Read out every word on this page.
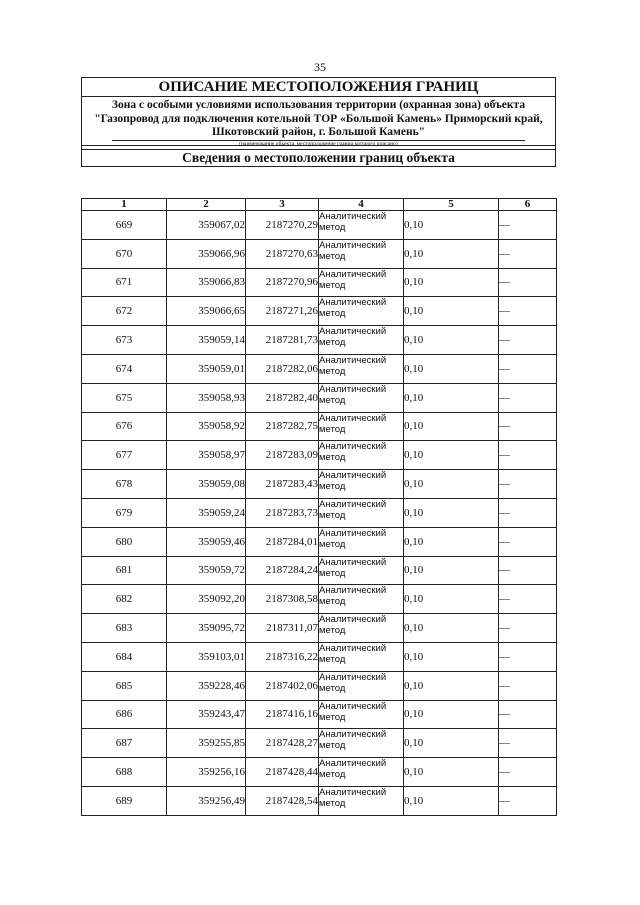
35
ОПИСАНИЕ МЕСТОПОЛОЖЕНИЯ ГРАНИЦ
Зона с особыми условиями использования территории (охранная зона) объекта "Газопровод для подключения котельной ТОР «Большой Камень» Приморский край, Шкотовский район, г. Большой Камень"
(наименование объекта, местоположение границ которого описано)
Сведения о местоположении границ объекта
1	2	3	4	5	6
669	359067,02	2187270,29	Аналитический метод	0,10	—
670	359066,96	2187270,63	Аналитический метод	0,10	—
671	359066,83	2187270,96	Аналитический метод	0,10	—
672	359066,65	2187271,26	Аналитический метод	0,10	—
673	359059,14	2187281,73	Аналитический метод	0,10	—
674	359059,01	2187282,06	Аналитический метод	0,10	—
675	359058,93	2187282,40	Аналитический метод	0,10	—
676	359058,92	2187282,75	Аналитический метод	0,10	—
677	359058,97	2187283,09	Аналитический метод	0,10	—
678	359059,08	2187283,43	Аналитический метод	0,10	—
679	359059,24	2187283,73	Аналитический метод	0,10	—
680	359059,46	2187284,01	Аналитический метод	0,10	—
681	359059,72	2187284,24	Аналитический метод	0,10	—
682	359092,20	2187308,58	Аналитический метод	0,10	—
683	359095,72	2187311,07	Аналитический метод	0,10	—
684	359103,01	2187316,22	Аналитический метод	0,10	—
685	359228,46	2187402,06	Аналитический метод	0,10	—
686	359243,47	2187416,16	Аналитический метод	0,10	—
687	359255,85	2187428,27	Аналитический метод	0,10	—
688	359256,16	2187428,44	Аналитический метод	0,10	—
689	359256,49	2187428,54	Аналитический метод	0,10	—
